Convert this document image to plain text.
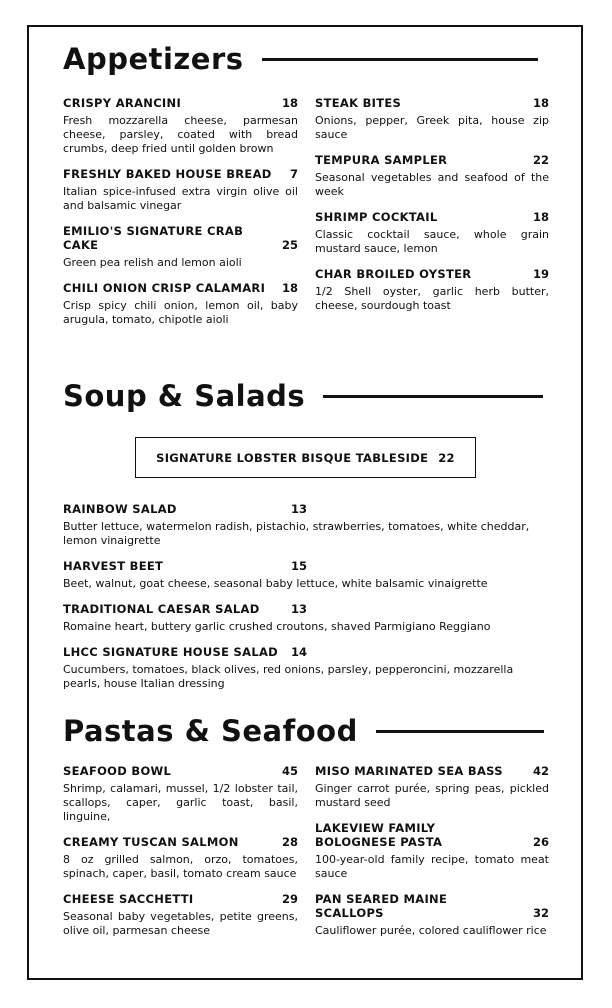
Appetizers
CRISPY ARANCINI	18
Fresh mozzarella cheese, parmesan cheese, parsley, coated with bread crumbs, deep fried until golden brown
FRESHLY BAKED HOUSE BREAD	7
Italian spice-infused extra virgin olive oil and balsamic vinegar
EMILIO'S SIGNATURE CRAB CAKE	25
Green pea relish and lemon aioli
CHILI ONION CRISP CALAMARI	18
Crisp spicy chili onion, lemon oil, baby arugula, tomato, chipotle aioli
STEAK BITES	18
Onions, pepper, Greek pita, house zip sauce
TEMPURA SAMPLER	22
Seasonal vegetables and seafood of the week
SHRIMP COCKTAIL	18
Classic cocktail sauce, whole grain mustard sauce, lemon
CHAR BROILED OYSTER	19
1/2 Shell oyster, garlic herb butter, cheese, sourdough toast
Soup & Salads
SIGNATURE LOBSTER BISQUE TABLESIDE 22
RAINBOW SALAD	13
Butter lettuce, watermelon radish, pistachio, strawberries, tomatoes, white cheddar, lemon vinaigrette
HARVEST BEET	15
Beet, walnut, goat cheese, seasonal baby lettuce, white balsamic vinaigrette
TRADITIONAL CAESAR SALAD	13
Romaine heart, buttery garlic crushed croutons, shaved Parmigiano Reggiano
LHCC SIGNATURE HOUSE SALAD	14
Cucumbers, tomatoes, black olives, red onions, parsley, pepperoncini, mozzarella pearls, house Italian dressing
Pastas & Seafood
SEAFOOD BOWL	45
Shrimp, calamari, mussel, 1/2 lobster tail, scallops, caper, garlic toast, basil, linguine,
CREAMY TUSCAN SALMON	28
8 oz grilled salmon, orzo, tomatoes, spinach, caper, basil, tomato cream sauce
CHEESE SACCHETTI	29
Seasonal baby vegetables, petite greens, olive oil, parmesan cheese
MISO MARINATED SEA BASS	42
Ginger carrot purée, spring peas, pickled mustard seed
LAKEVIEW FAMILY BOLOGNESE PASTA	26
100-year-old family recipe, tomato meat sauce
PAN SEARED MAINE SCALLOPS	32
Cauliflower purée, colored cauliflower rice
